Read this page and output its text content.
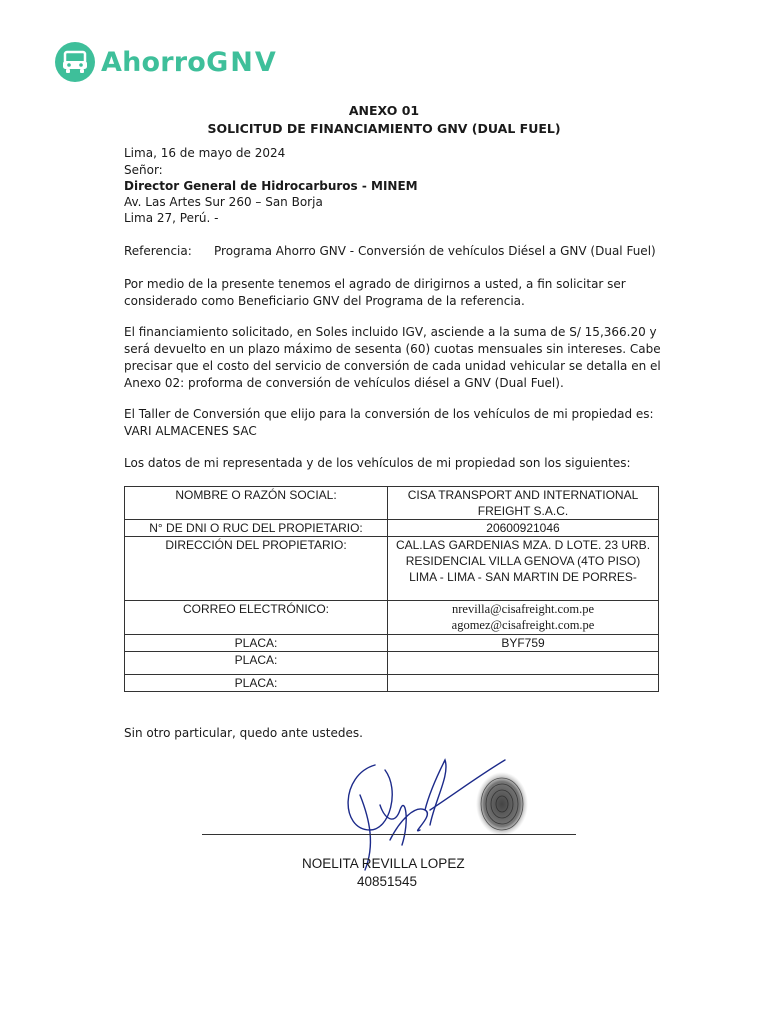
AhorroGNV
ANEXO 01
SOLICITUD DE FINANCIAMIENTO GNV (DUAL FUEL)
Lima, 16 de mayo de 2024
Señor:
Director General de Hidrocarburos - MINEM
Av. Las Artes Sur 260 – San Borja
Lima 27, Perú. -
Referencia: Programa Ahorro GNV - Conversión de vehículos Diésel a GNV (Dual Fuel)
Por medio de la presente tenemos el agrado de dirigirnos a usted, a fin solicitar ser considerado como Beneficiario GNV del Programa de la referencia.
El financiamiento solicitado, en Soles incluido IGV, asciende a la suma de S/ 15,366.20 y será devuelto en un plazo máximo de sesenta (60) cuotas mensuales sin intereses. Cabe precisar que el costo del servicio de conversión de cada unidad vehicular se detalla en el Anexo 02: proforma de conversión de vehículos diésel a GNV (Dual Fuel).
El Taller de Conversión que elijo para la conversión de los vehículos de mi propiedad es: VARI ALMACENES SAC
Los datos de mi representada y de los vehículos de mi propiedad son los siguientes:
NOMBRE O RAZÓN SOCIAL:	CISA TRANSPORT AND INTERNATIONAL FREIGHT S.A.C.
N° DE DNI O RUC DEL PROPIETARIO:	20600921046
DIRECCIÓN DEL PROPIETARIO:	CAL.LAS GARDENIAS MZA. D LOTE. 23 URB. RESIDENCIAL VILLA GENOVA (4TO PISO) LIMA - LIMA - SAN MARTIN DE PORRES-
CORREO ELECTRÓNICO:	nrevilla@cisafreight.com.pe
agomez@cisafreight.com.pe

PLACA:	BYF759
PLACA:	
PLACA:	
Sin otro particular, quedo ante ustedes.
NOELITA REVILLA LOPEZ
40851545
